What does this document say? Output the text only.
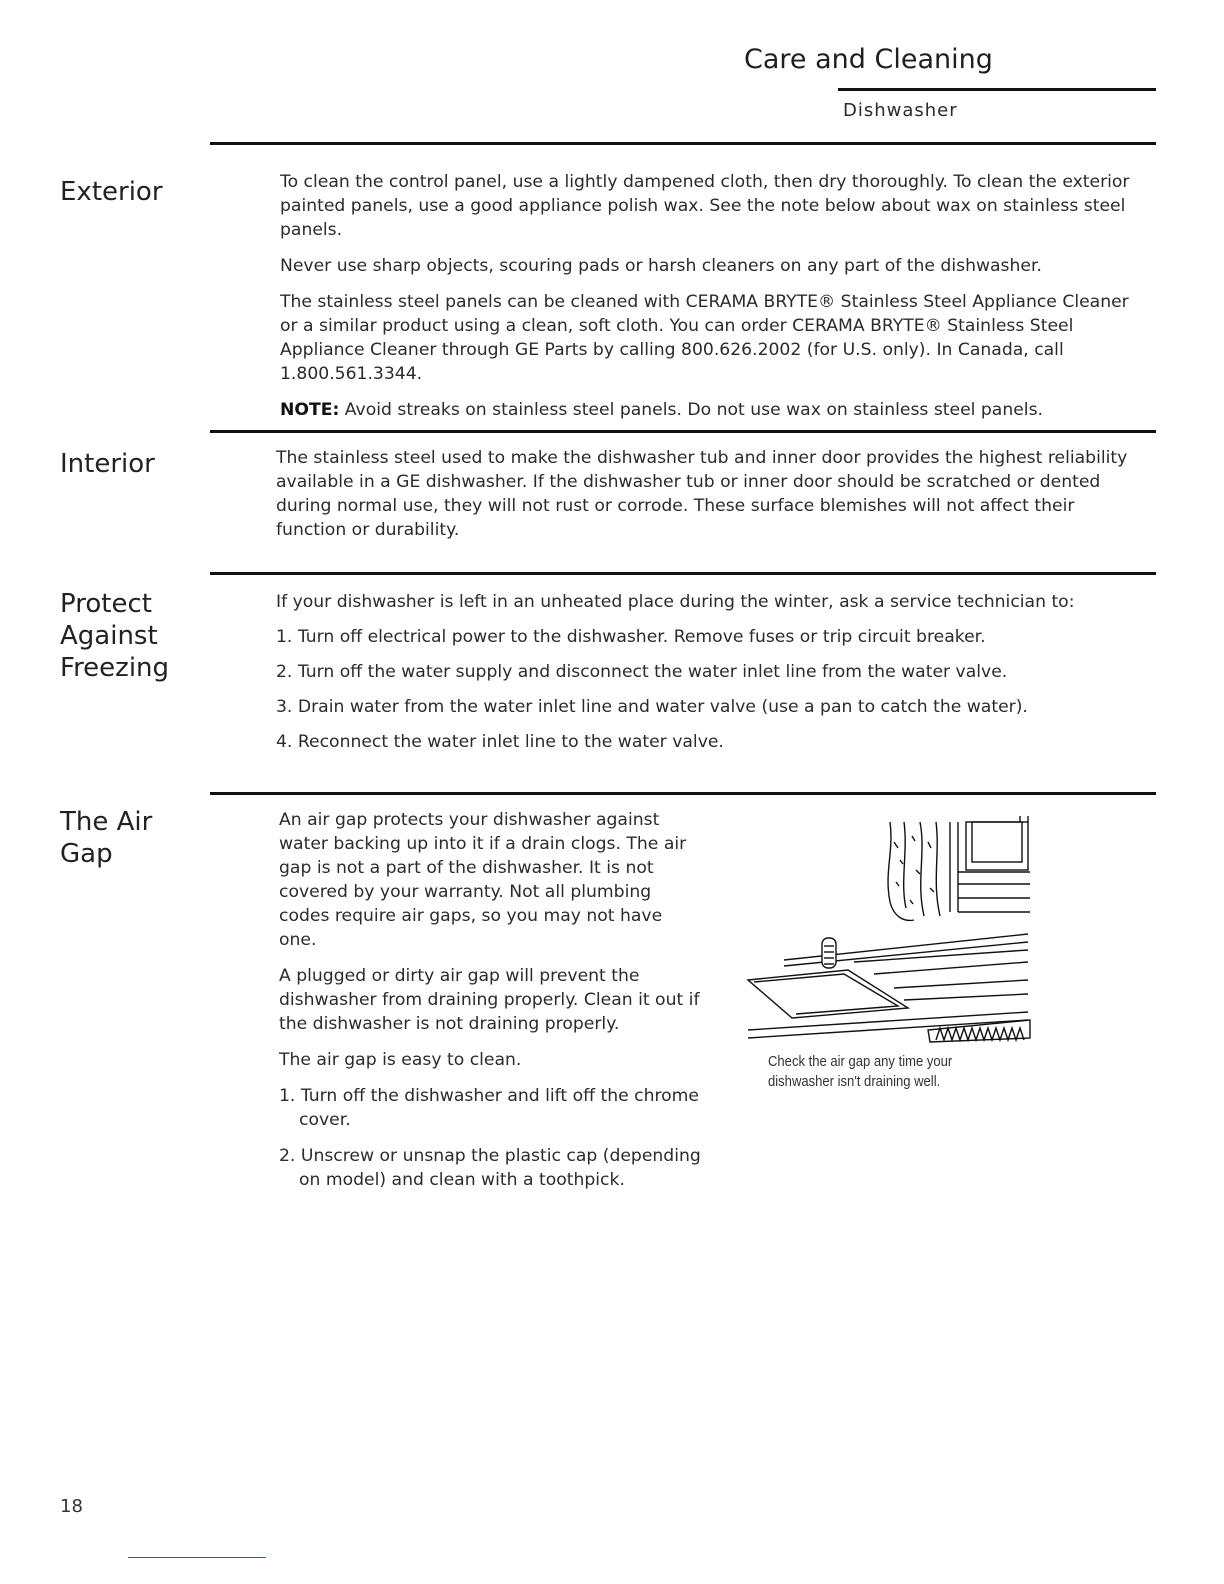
Care and Cleaning
Dishwasher
Exterior	To clean the control panel, use a lightly dampened cloth, then dry thoroughly. To clean the exterior painted panels, use a good appliance polish wax. See the note below about wax on stainless steel panels.

Never use sharp objects, scouring pads or harsh cleaners on any part of the dishwasher.

The stainless steel panels can be cleaned with CERAMA BRYTE® Stainless Steel Appliance Cleaner or a similar product using a clean, soft cloth. You can order CERAMA BRYTE® Stainless Steel Appliance Cleaner through GE Parts by calling 800.626.2002 (for U.S. only). In Canada, call 1.800.561.3344.

NOTE: Avoid streaks on stainless steel panels. Do not use wax on stainless steel panels.

Interior	The stainless steel used to make the dishwasher tub and inner door provides the highest reliability available in a GE dishwasher. If the dishwasher tub or inner door should be scratched or dented during normal use, they will not rust or corrode. These surface blemishes will not affect their function or durability.

Protect
Against
Freezing

If your dishwasher is left in an unheated place during the winter, ask a service technician to:

1. Turn off electrical power to the dishwasher. Remove fuses or trip circuit breaker.

2. Turn off the water supply and disconnect the water inlet line from the water valve.

3. Drain water from the water inlet line and water valve (use a pan to catch the water).

4. Reconnect the water inlet line to the water valve.

The Air
Gap

An air gap protects your dishwasher against water backing up into it if a drain clogs. The air gap is not a part of the dishwasher. It is not covered by your warranty. Not all plumbing codes require air gaps, so you may not have one.

A plugged or dirty air gap will prevent the dishwasher from draining properly. Clean it out if the dishwasher is not draining properly.

The air gap is easy to clean.

1. Turn off the dishwasher and lift off the chrome cover.

2. Unscrew or unsnap the plastic cap (depending on model) and clean with a toothpick.

Check the air gap any time your dishwasher isn't draining well.
18
